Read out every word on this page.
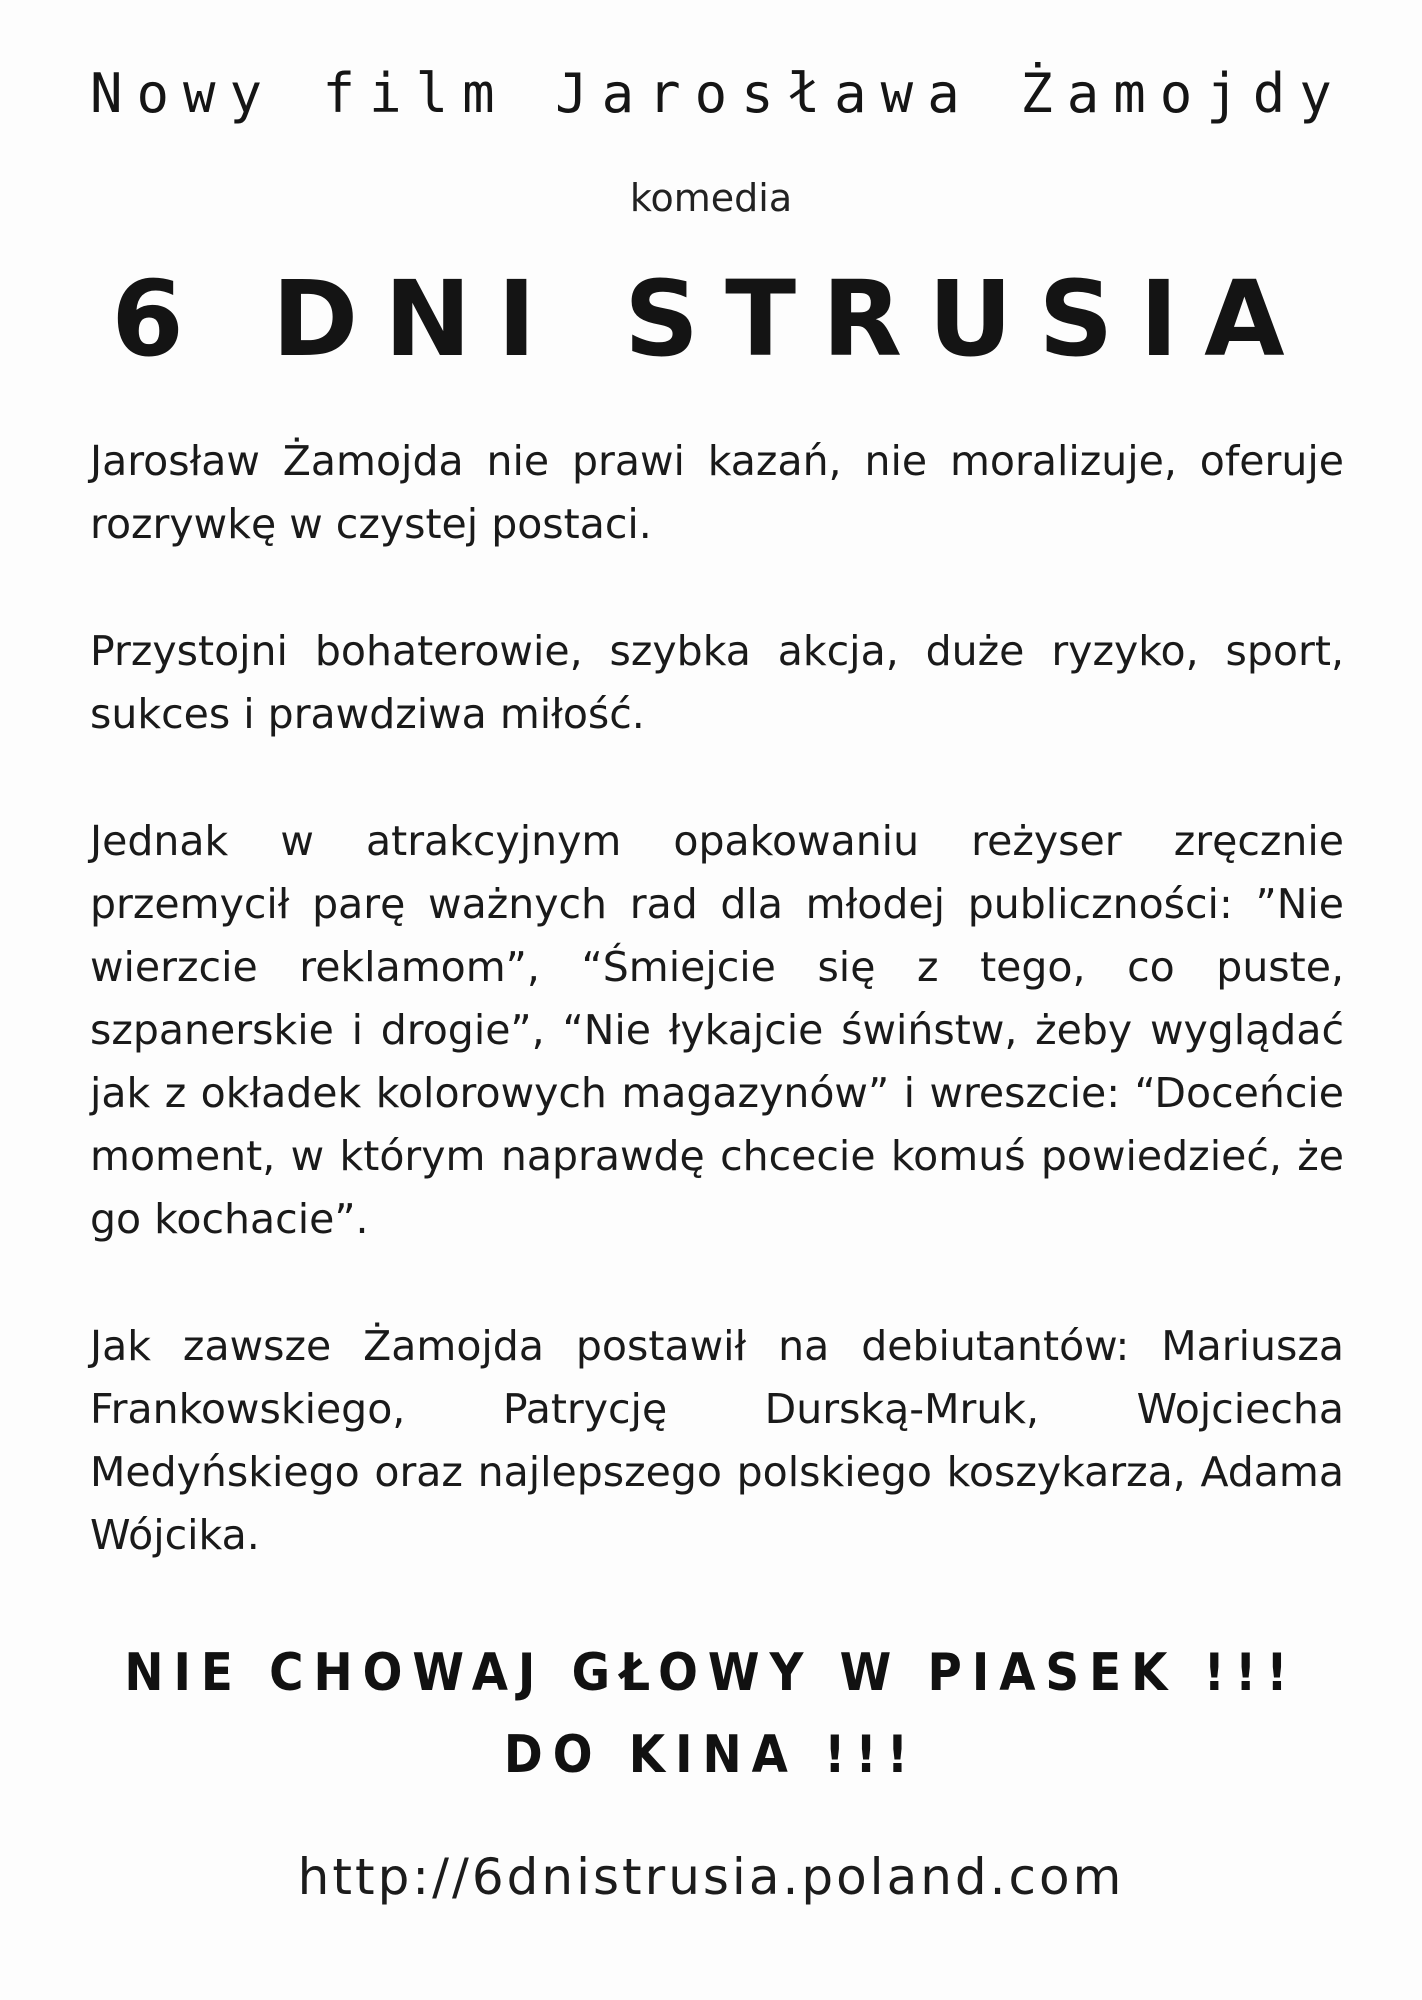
Nowy film Jarosława Żamojdy
komedia
6 DNI STRUSIA

Jarosław Żamojda nie prawi kazań, nie moralizuje, oferuje rozrywkę w czystej postaci.

Przystojni bohaterowie, szybka akcja, duże ryzyko, sport, sukces i prawdziwa miłość.

Jednak w atrakcyjnym opakowaniu reżyser zręcznie przemycił parę ważnych rad dla młodej publiczności: ”Nie wierzcie reklamom”, “Śmiejcie się z tego, co puste, szpanerskie i drogie”, “Nie łykajcie świństw, żeby wyglądać jak z okładek kolorowych magazynów” i wreszcie: “Doceńcie moment, w którym naprawdę chcecie komuś powiedzieć, że go kochacie”.

Jak zawsze Żamojda postawił na debiutantów: Mariusza Frankowskiego, Patrycję Durską-Mruk, Wojciecha Medyńskiego oraz najlepszego polskiego koszykarza, Adama Wójcika.

NIE CHOWAJ GŁOWY W PIASEK !!!
DO KINA !!!
http://6dnistrusia.poland.com
